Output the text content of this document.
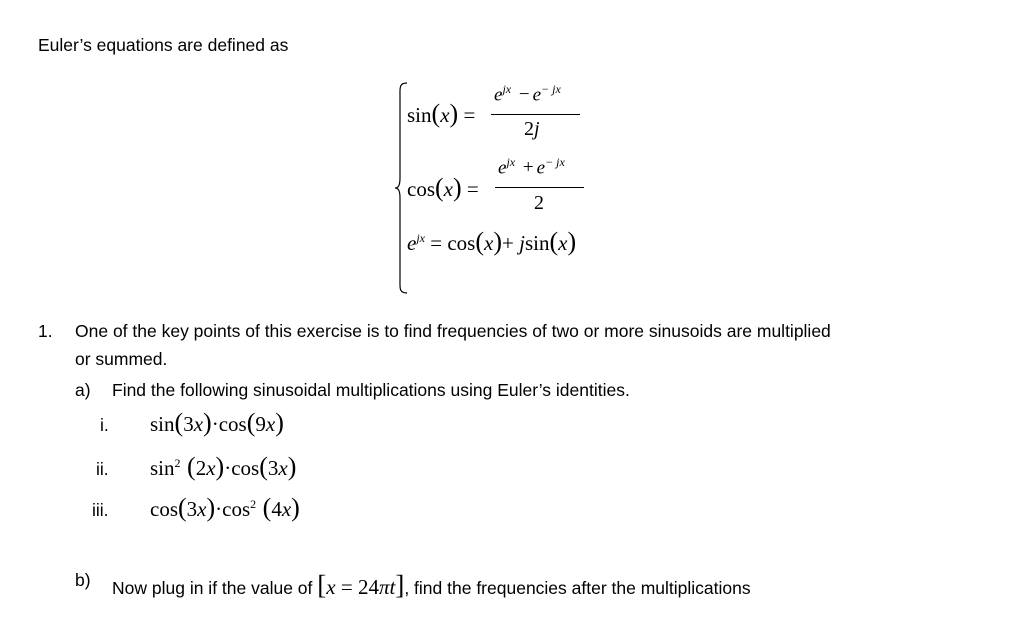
Euler’s equations are defined as
sin(x) =
$e^{jx} - e^{- jx}$
2j
cos(x) =
$e^{jx} + e^{- jx}$
2
$e^{jx} = \cos(x)+ jsin(x)$
1. One of the key points of this exercise is to find frequencies of two or more sinusoids are multiplied
or summed.
a) Find the following sinusoidal multiplications using Euler’s identities.
i. sin(3x)·cos(9x)
ii. $\sin^2 (2x)\cdot\cos(3x)$
iii. $\cos(3x)\cdot\cos^2$ (4x)
b) Now plug in if the value of [x = 24πt], find the frequencies after the multiplications
